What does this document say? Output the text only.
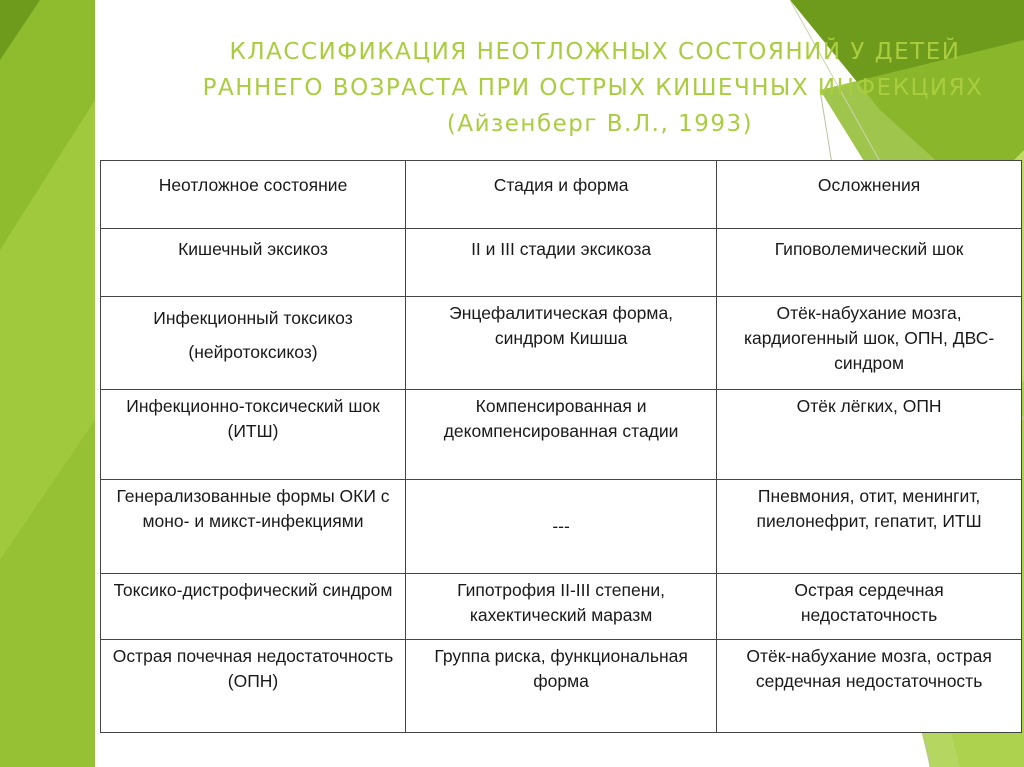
КЛАССИФИКАЦИЯ НЕОТЛОЖНЫХ СОСТОЯНИЙ У ДЕТЕЙ
РАННЕГО ВОЗРАСТА ПРИ ОСТРЫХ КИШЕЧНЫХ ИНФЕКЦИЯХ
(Айзенберг В.Л., 1993)
Неотложное состояние	Стадия и форма	Осложнения
Кишечный эксикоз	II и III стадии эксикоза	Гиповолемический шок
Инфекционный токсикоз (нейротоксикоз)	Энцефалитическая форма, синдром Кишша	Отёк-набухание мозга, кардиогенный шок, ОПН, ДВС-синдром
Инфекционно-токсический шок (ИТШ)	Компенсированная и декомпенсированная стадии	Отёк лёгких, ОПН
Генерализованные формы ОКИ с моно- и микст-инфекциями	---	Пневмония, отит, менингит, пиелонефрит, гепатит, ИТШ
Токсико-дистрофический синдром	Гипотрофия II-III степени, кахектический маразм	Острая сердечная недостаточность
Острая почечная недостаточность (ОПН)	Группа риска, функциональная форма	Отёк-набухание мозга, острая сердечная недостаточность
